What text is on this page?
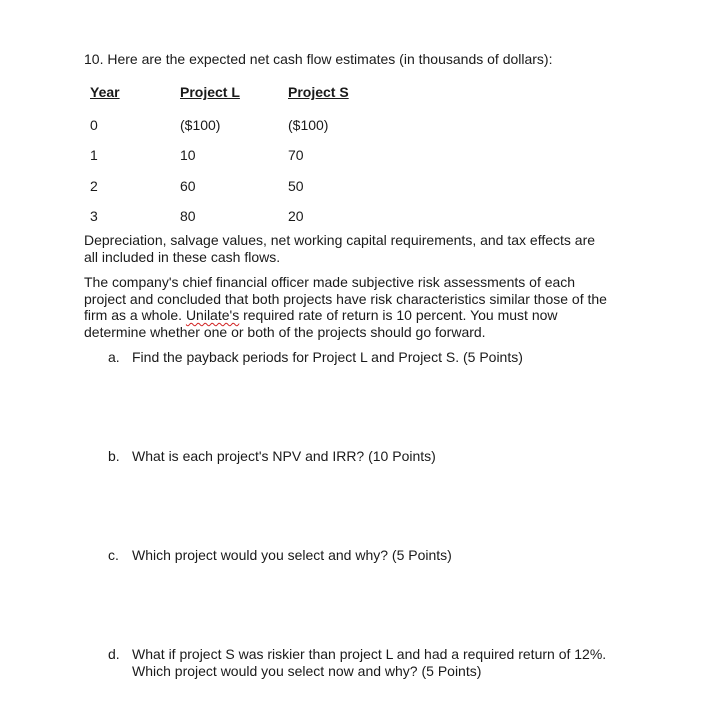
10. Here are the expected net cash flow estimates (in thousands of dollars):
Year	Project L	Project S
0	($100)	($100)
1	10	70
2	60	50
3	80	20
Depreciation, salvage values, net working capital requirements, and tax effects are
all included in these cash flows.
The company's chief financial officer made subjective risk assessments of each
project and concluded that both projects have risk characteristics similar those of the
firm as a whole. Unilate's required rate of return is 10 percent. You must now
determine whether one or both of the projects should go forward.
a. Find the payback periods for Project L and Project S. (5 Points)
b. What is each project's NPV and IRR? (10 Points)
c. Which project would you select and why? (5 Points)
d. What if project S was riskier than project L and had a required return of 12%.
Which project would you select now and why? (5 Points)
